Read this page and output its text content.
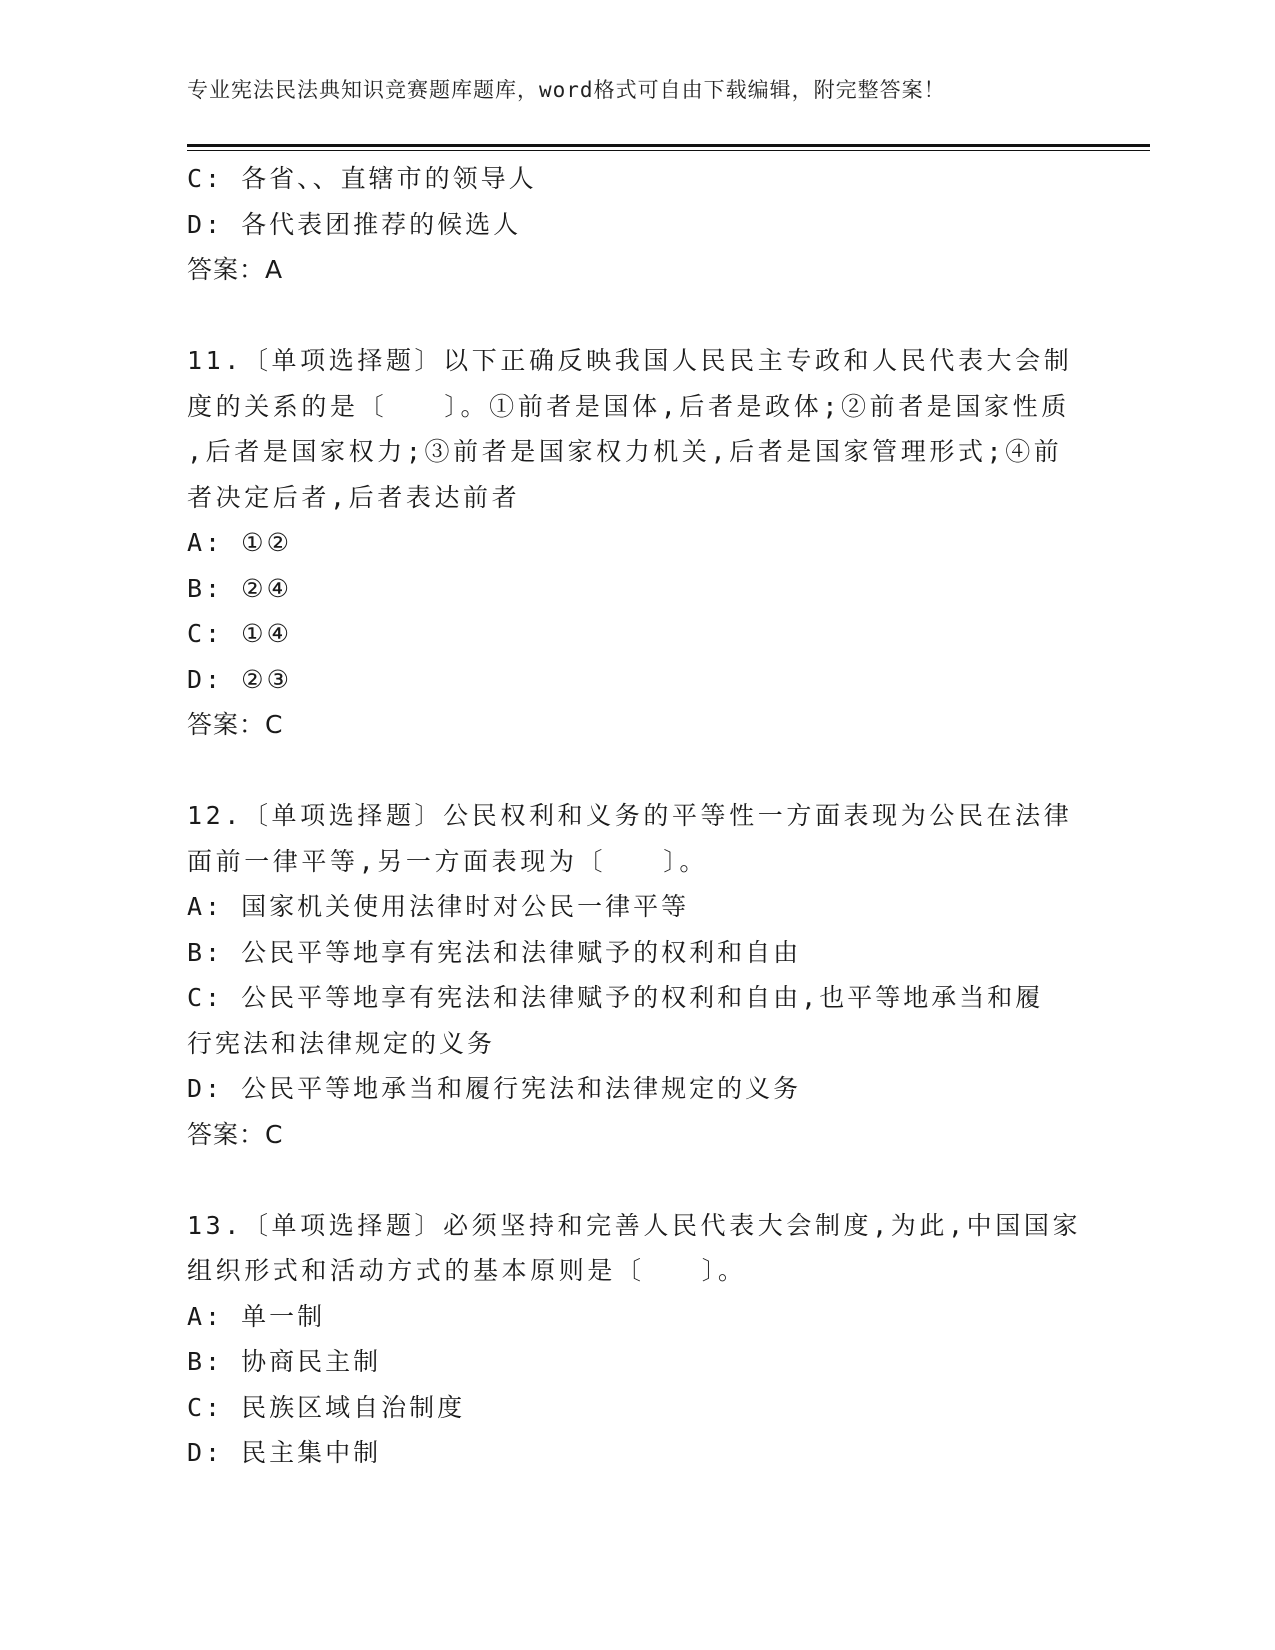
专业宪法民法典知识竞赛题库题库，word格式可自由下载编辑，附完整答案！
C: 各省、、直辖市的领导人
D: 各代表团推荐的候选人
答案：A
11.〔单项选择题〕以下正确反映我国人民民主专政和人民代表大会制
度的关系的是〔　　〕。①前者是国体,后者是政体;②前者是国家性质
,后者是国家权力;③前者是国家权力机关,后者是国家管理形式;④前
者决定后者,后者表达前者
A: ①②
B: ②④
C: ①④
D: ②③
答案：C
12.〔单项选择题〕公民权利和义务的平等性一方面表现为公民在法律
面前一律平等,另一方面表现为〔　　〕。
A: 国家机关使用法律时对公民一律平等
B: 公民平等地享有宪法和法律赋予的权利和自由
C: 公民平等地享有宪法和法律赋予的权利和自由,也平等地承当和履
行宪法和法律规定的义务
D: 公民平等地承当和履行宪法和法律规定的义务
答案：C
13.〔单项选择题〕必须坚持和完善人民代表大会制度,为此,中国国家
组织形式和活动方式的基本原则是〔　　〕。
A: 单一制
B: 协商民主制
C: 民族区域自治制度
D: 民主集中制
